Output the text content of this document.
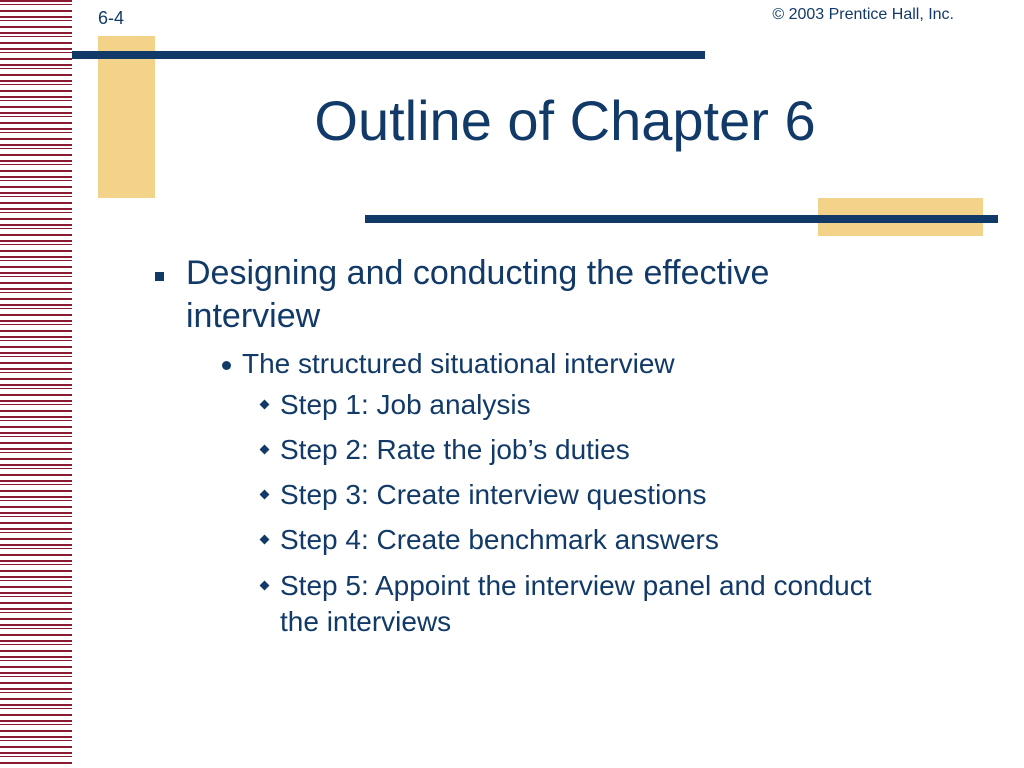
6-4	© 2003 Prentice Hall, Inc.
Outline of Chapter 6
Designing and conducting the effective interview
The structured situational interview
Step 1: Job analysis
Step 2: Rate the job’s duties
Step 3: Create interview questions
Step 4: Create benchmark answers
Step 5: Appoint the interview panel and conduct the interviews
